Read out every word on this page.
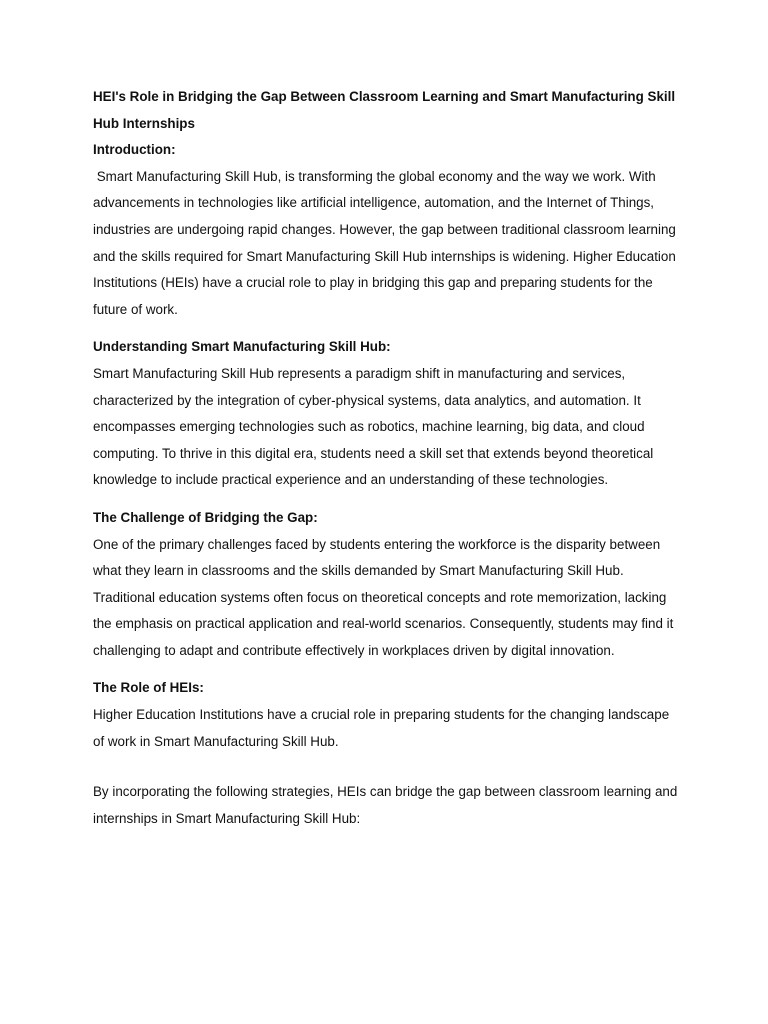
HEI's Role in Bridging the Gap Between Classroom Learning and Smart Manufacturing Skill Hub Internships

Introduction:

Smart Manufacturing Skill Hub, is transforming the global economy and the way we work. With advancements in technologies like artificial intelligence, automation, and the Internet of Things, industries are undergoing rapid changes. However, the gap between traditional classroom learning and the skills required for Smart Manufacturing Skill Hub internships is widening. Higher Education Institutions (HEIs) have a crucial role to play in bridging this gap and preparing students for the future of work.

Understanding Smart Manufacturing Skill Hub:

Smart Manufacturing Skill Hub represents a paradigm shift in manufacturing and services, characterized by the integration of cyber-physical systems, data analytics, and automation. It encompasses emerging technologies such as robotics, machine learning, big data, and cloud computing. To thrive in this digital era, students need a skill set that extends beyond theoretical knowledge to include practical experience and an understanding of these technologies.

The Challenge of Bridging the Gap:

One of the primary challenges faced by students entering the workforce is the disparity between what they learn in classrooms and the skills demanded by Smart Manufacturing Skill Hub. Traditional education systems often focus on theoretical concepts and rote memorization, lacking the emphasis on practical application and real-world scenarios. Consequently, students may find it challenging to adapt and contribute effectively in workplaces driven by digital innovation.

The Role of HEIs:

Higher Education Institutions have a crucial role in preparing students for the changing landscape of work in Smart Manufacturing Skill Hub.

By incorporating the following strategies, HEIs can bridge the gap between classroom learning and internships in Smart Manufacturing Skill Hub:
